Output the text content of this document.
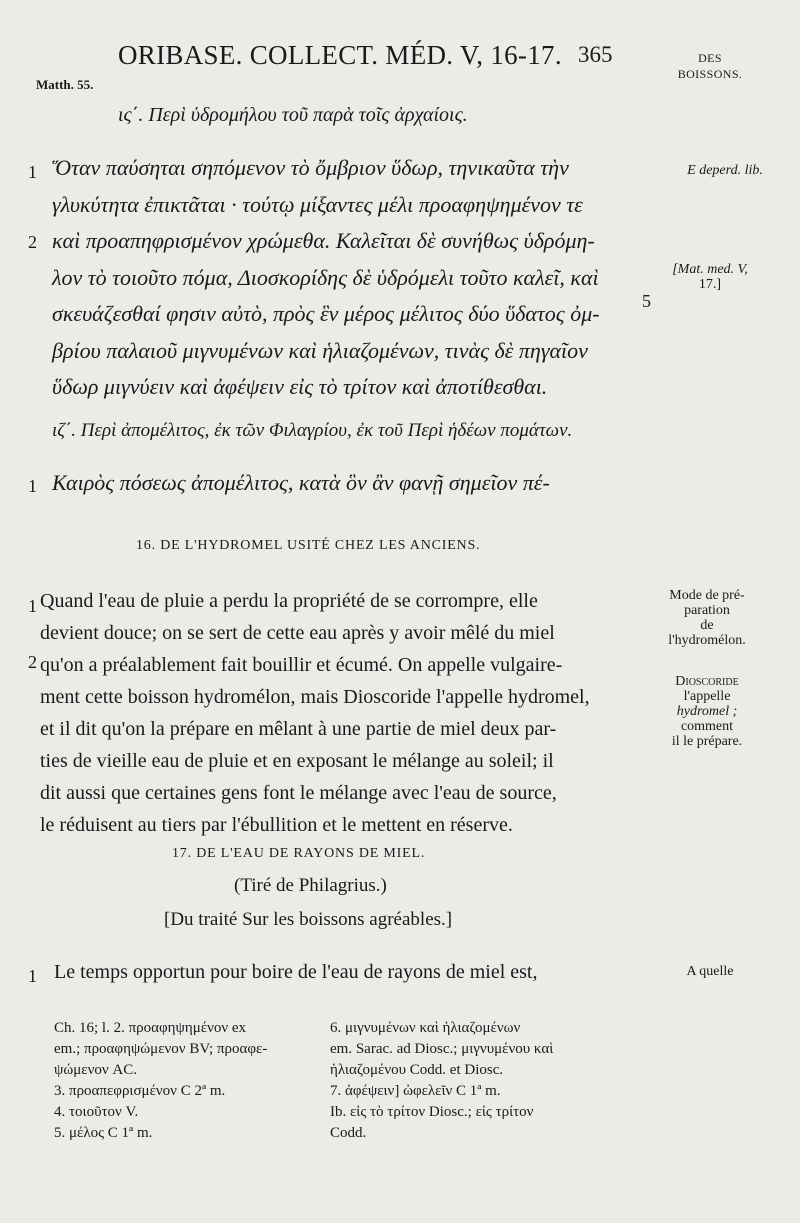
ORIBASE. COLLECT. MÉD. V, 16-17. 365
Matth. 55.
DES
BOISSONS.
ις΄. Περὶ ὑδρομήλου τοῦ παρὰ τοῖς ἀρχαίοις.
1
2
5
Ὅταν παύσηται σηπόμενον τὸ ὄμβριον ὕδωρ, τηνικαῦτα τὴν
γλυκύτητα ἐπικτᾶται · τούτῳ μίξαντες μέλι προαφηψημένον τε
καὶ προαπηφρισμένον χρώμεθα. Καλεῖται δὲ συνήθως ὑδρόμη-
λον τὸ τοιοῦτο πόμα, Διοσκορίδης δὲ ὑδρόμελι τοῦτο καλεῖ, καὶ
σκευάζεσθαί φησιν αὐτὸ, πρὸς ἓν μέρος μέλιτος δύο ὕδατος ὀμ-
βρίου παλαιοῦ μιγνυμένων καὶ ἡλιαζομένων, τινὰς δὲ πηγαῖον
ὕδωρ μιγνύειν καὶ ἀφέψειν εἰς τὸ τρίτον καὶ ἀποτίθεσθαι.
E deperd. lib.
[Mat. med. V,
17.]
ιζ΄. Περὶ ἀπομέλιτος, ἐκ τῶν Φιλαγρίου, ἐκ τοῦ Περὶ ἡδέων πομάτων.
1 Καιρὸς πόσεως ἀπομέλιτος, κατὰ ὃν ἂν φανῇ σημεῖον πέ-
16. DE L'HYDROMEL USITÉ CHEZ LES ANCIENS.
1
2
Quand l'eau de pluie a perdu la propriété de se corrompre, elle
devient douce; on se sert de cette eau après y avoir mêlé du miel
qu'on a préalablement fait bouillir et écumé. On appelle vulgaire-
ment cette boisson hydromélon, mais Dioscoride l'appelle hydromel,
et il dit qu'on la prépare en mêlant à une partie de miel deux par-
ties de vieille eau de pluie et en exposant le mélange au soleil; il
dit aussi que certaines gens font le mélange avec l'eau de source,
le réduisent au tiers par l'ébullition et le mettent en réserve.
Mode de pré-
paration
de
l'hydromélon.
Dioscoride
l'appelle
hydromel ;
comment
il le prépare.
17. DE L'EAU DE RAYONS DE MIEL.
(Tiré de Philagrius.)
[Du traité Sur les boissons agréables.]
1 Le temps opportun pour boire de l'eau de rayons de miel est,	A quelle
Ch. 16; l. 2. προαφηψημένον ex
em.; προαφηψώμενον BV; προαφε-
ψώμενον AC.
3. προαπεφρισμένον C 2ª m.
4. τοιοῦτον V.
5. μέλος C 1ª m.
6. μιγνυμένων καὶ ἡλιαζομένων
em. Sarac. ad Diosc.; μιγνυμένου καὶ
ἡλιαζομένου Codd. et Diosc.
7. ἀφέψειν] ὠφελεῖν C 1ª m.
Ib. εἰς τὸ τρίτον Diosc.; εἰς τρίτον
Codd.
